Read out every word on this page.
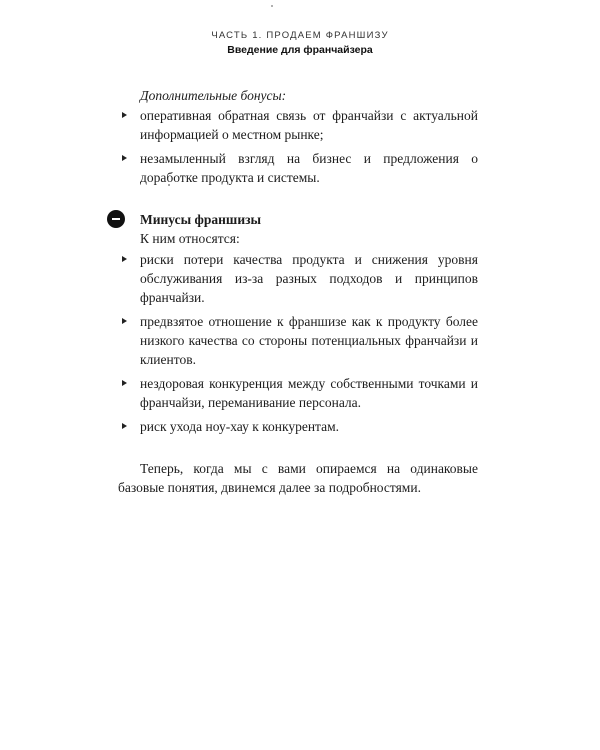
ЧАСТЬ 1. ПРОДАЕМ ФРАНШИЗУ
Введение для франчайзера
Дополнительные бонусы:
оперативная обратная связь от франчайзи с актуальной информацией о местном рынке;
незамыленный взгляд на бизнес и предложения о доработке продукта и системы.
Минусы франшизы
К ним относятся:
риски потери качества продукта и снижения уровня обслуживания из-за разных подходов и принципов франчайзи.
предвзятое отношение к франшизе как к продукту более низкого качества со стороны потенциальных франчайзи и клиентов.
нездоровая конкуренция между собственными точками и франчайзи, переманивание персонала.
риск ухода ноу-хау к конкурентам.
Теперь, когда мы с вами опираемся на одинаковые базовые понятия, двинемся далее за подробностями.
